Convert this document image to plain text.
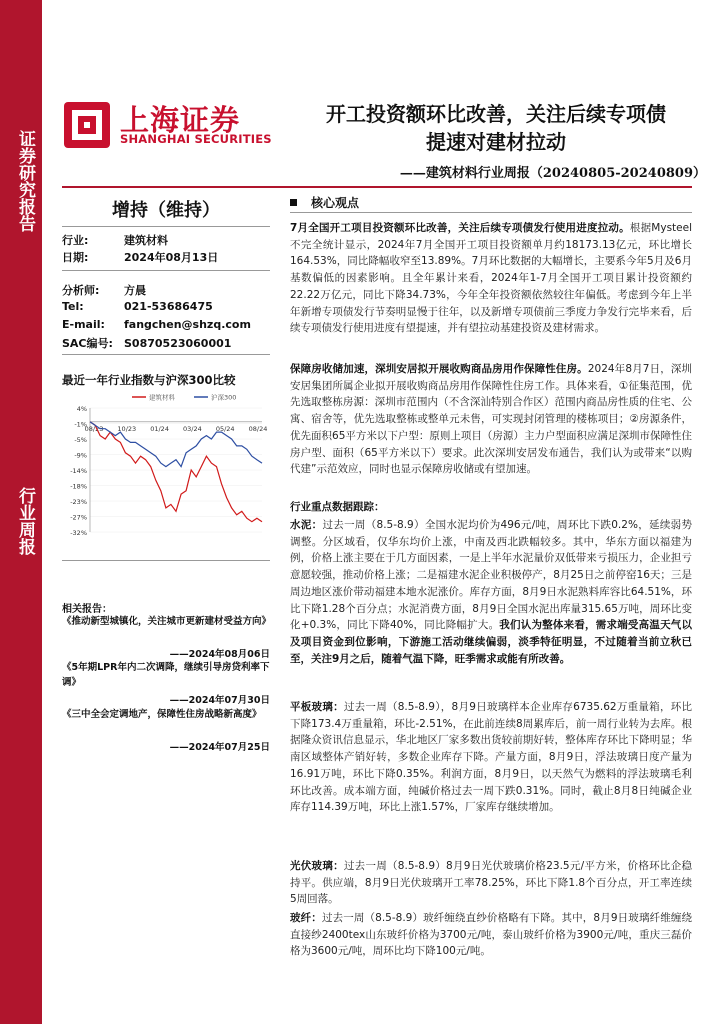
证券研究报告
行业周报
上海证券
SHANGHAI SECURITIES
开工投资额环比改善，关注后续专项债
提速对建材拉动
——建筑材料行业周报（20240805-20240809）
增持（维持）
行业:	建筑材料
日期:	2024年08月13日
分析师: 方晨
Tel:	021-53686475
E-mail: fangchen@shzq.com
SAC编号: S0870523060001
最近一年行业指数与沪深300比较
4%
-1%
-5%
-9%
-14%
-18%
-23%
-27%
-32%
08/23 10/23 01/24 03/24 05/24 08/24
建筑材料	沪深300
相关报告：
《推动新型城镇化，关注城市更新建材受益方向》
——2024年08月06日
《5年期LPR年内二次调降，继续引导房贷利率下调》
——2024年07月30日
《三中全会定调地产，保障性住房战略新高度》
——2024年07月25日
核心观点
7月全国开工项目投资额环比改善，关注后续专项债发行使用进度拉动。根据Mysteel不完全统计显示，2024年7月全国开工项目投资额单月约18173.13亿元，环比增长164.53%，同比降幅收窄至13.89%。7月环比数据的大幅增长，主要系今年5月及6月基数偏低的因素影响。且全年累计来看，2024年1-7月全国开工项目累计投资额约22.22万亿元，同比下降34.73%，今年全年投资额依然较往年偏低。考虑到今年上半年新增专项债发行节奏明显慢于往年，以及新增专项债前三季度力争发行完毕来看，后续专项债发行使用进度有望提速，并有望拉动基建投资及建材需求。
保障房收储加速，深圳安居拟开展收购商品房用作保障性住房。2024年8月7日，深圳安居集团所属企业拟开展收购商品房用作保障性住房工作。具体来看，①征集范围，优先选取整栋房源：深圳市范围内（不含深汕特别合作区）范围内商品房性质的住宅、公寓、宿舍等，优先选取整栋或整单元未售，可实现封闭管理的楼栋项目；②房源条件，优先面积65平方米以下户型：原则上项目（房源）主力户型面积应满足深圳市保障性住房户型、面积（65平方米以下）要求。此次深圳安居发布通告，我们认为或带来“以购代建”示范效应，同时也显示保障房收储或有望加速。
行业重点数据跟踪：
水泥：过去一周（8.5-8.9）全国水泥均价为496元/吨，周环比下跌0.2%，延续弱势调整。分区域看，仅华东均价上涨，中南及西北跌幅较多。其中，华东方面以福建为例，价格上涨主要在于几方面因素，一是上半年水泥量价双低带来亏损压力，企业担亏意愿较强，推动价格上涨；二是福建水泥企业积极停产，8月25日之前停窑16天；三是周边地区涨价带动福建本地水泥涨价。库存方面，8月9日水泥熟料库容比64.51%，环比下降1.28个百分点；水泥消费方面，8月9日全国水泥出库量315.65万吨，周环比变化+0.3%，同比下降40%，同比降幅扩大。我们认为整体来看，需求端受高温天气以及项目资金到位影响，下游施工活动继续偏弱，淡季特征明显，不过随着当前立秋已至，关注9月之后，随着气温下降，旺季需求或能有所改善。
平板玻璃：过去一周（8.5-8.9），8月9日玻璃样本企业库存6735.62万重量箱，环比下降173.4万重量箱，环比-2.51%，在此前连续8周累库后，前一周行业转为去库。根据隆众资讯信息显示，华北地区厂家多数出货较前期好转，整体库存环比下降明显；华南区域整体产销好转，多数企业库存下降。产量方面，8月9日，浮法玻璃日度产量为16.91万吨，环比下降0.35%。利润方面，8月9日，以天然气为燃料的浮法玻璃毛利环比改善。成本端方面，纯碱价格过去一周下跌0.31%。同时，截止8月8日纯碱企业库存114.39万吨，环比上涨1.57%，厂家库存继续增加。
光伏玻璃：过去一周（8.5-8.9）8月9日光伏玻璃价格23.5元/平方米，价格环比企稳持平。供应端，8月9日光伏玻璃开工率78.25%，环比下降1.8个百分点，开工率连续5周回落。
玻纤：过去一周（8.5-8.9）玻纤缠绕直纱价格略有下降。其中，8月9日玻璃纤维缠绕直接纱2400tex山东玻纤价格为3700元/吨，泰山玻纤价格为3900元/吨，重庆三磊价格为3600元/吨，周环比均下降100元/吨。
